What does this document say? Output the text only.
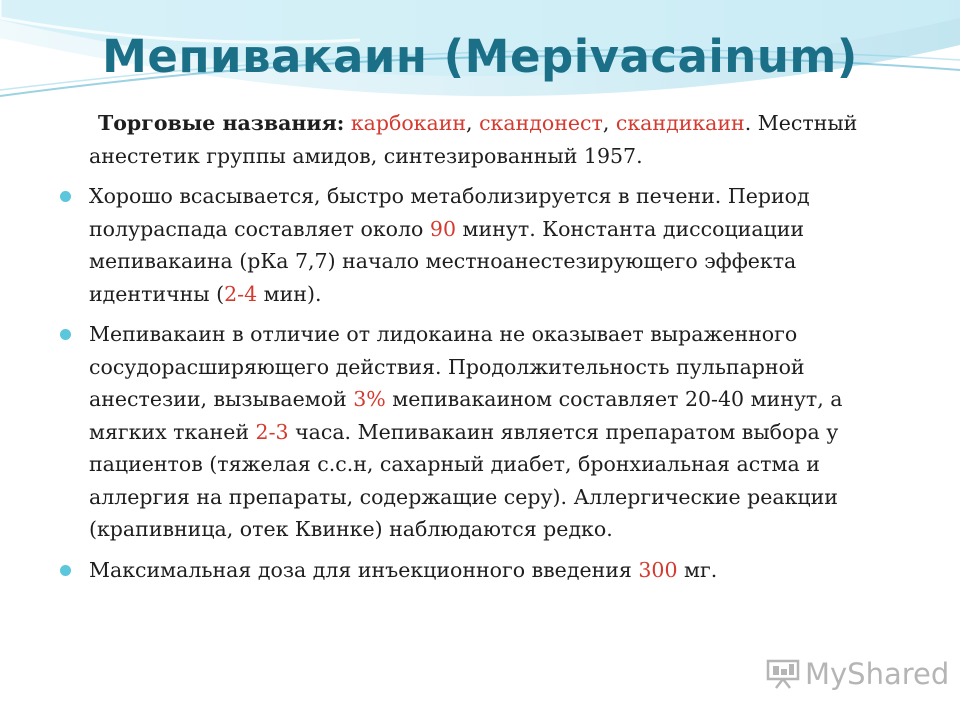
Мепивакаин (Mepivacainum)

Торговые названия: карбокаин, скандонест, скандикаин. Местный анестетик группы амидов, синтезированный 1957.

Хорошо всасывается, быстро метаболизируется в печени. Период полураспада составляет около 90 минут. Константа диссоциации мепивакаина (рКа 7,7) начало местноанестезирующего эффекта идентичны (2-4 мин).

Мепивакаин в отличие от лидокаина не оказывает выраженного сосудорасширяющего действия. Продолжительность пульпарной анестезии, вызываемой 3% мепивакаином составляет 20-40 минут, а мягких тканей 2-3 часа. Мепивакаин является препаратом выбора у пациентов (тяжелая с.с.н, сахарный диабет, бронхиальная астма и аллергия на препараты, содержащие серу). Аллергические реакции (крапивница, отек Квинке) наблюдаются редко.

Максимальная доза для инъекционного введения 300 мг.

MyShared
